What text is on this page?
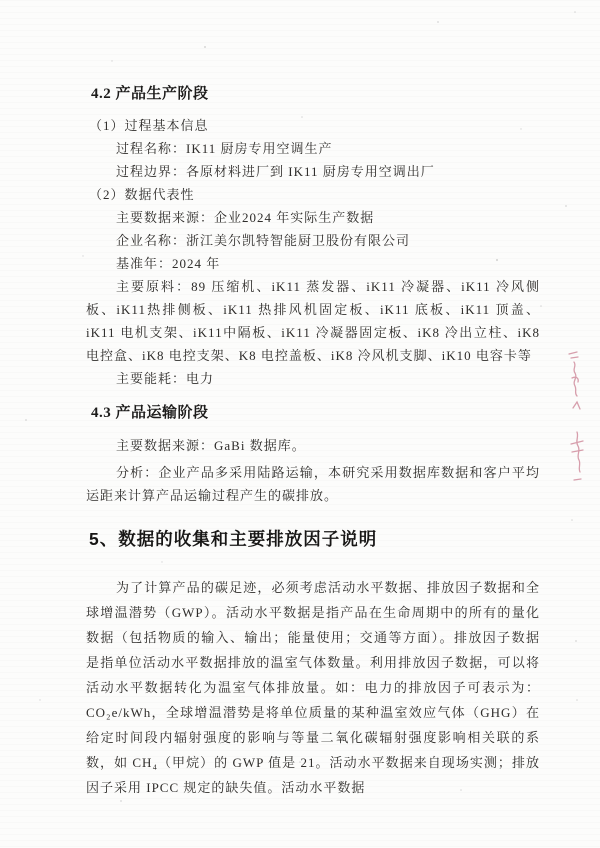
4.2 产品生产阶段
（1）过程基本信息
过程名称：IK11 厨房专用空调生产
过程边界：各原材料进厂到 IK11 厨房专用空调出厂
（2）数据代表性
主要数据来源：企业2024 年实际生产数据
企业名称：浙江美尔凯特智能厨卫股份有限公司
基准年：2024 年

主要原料：89 压缩机、iK11 蒸发器、iK11 冷凝器、iK11 冷风侧板、iK11热排侧板、iK11 热排风机固定板、iK11 底板、iK11 顶盖、iK11 电机支架、iK11中隔板、iK11 冷凝器固定板、iK8 冷出立柱、iK8 电控盒、iK8 电控支架、K8 电控盖板、iK8 冷风机支脚、iK10 电容卡等

主要能耗：电力
4.3 产品运输阶段
主要数据来源：GaBi 数据库。

分析：企业产品多采用陆路运输，本研究采用数据库数据和客户平均运距来计算产品运输过程产生的碳排放。

5、数据的收集和主要排放因子说明

为了计算产品的碳足迹，必须考虑活动水平数据、排放因子数据和全球增温潜势（GWP）。活动水平数据是指产品在生命周期中的所有的量化数据（包括物质的输入、输出；能量使用；交通等方面）。排放因子数据是指单位活动水平数据排放的温室气体数量。利用排放因子数据，可以将活动水平数据转化为温室气体排放量。如：电力的排放因子可表示为：CO₂e/kWh，全球增温潜势是将单位质量的某种温室效应气体（GHG）在给定时间段内辐射强度的影响与等量二氧化碳辐射强度影响相关联的系数，如 CH₄（甲烷）的 GWP 值是 21。活动水平数据来自现场实测；排放因子采用 IPCC 规定的缺失值。活动水平数据
